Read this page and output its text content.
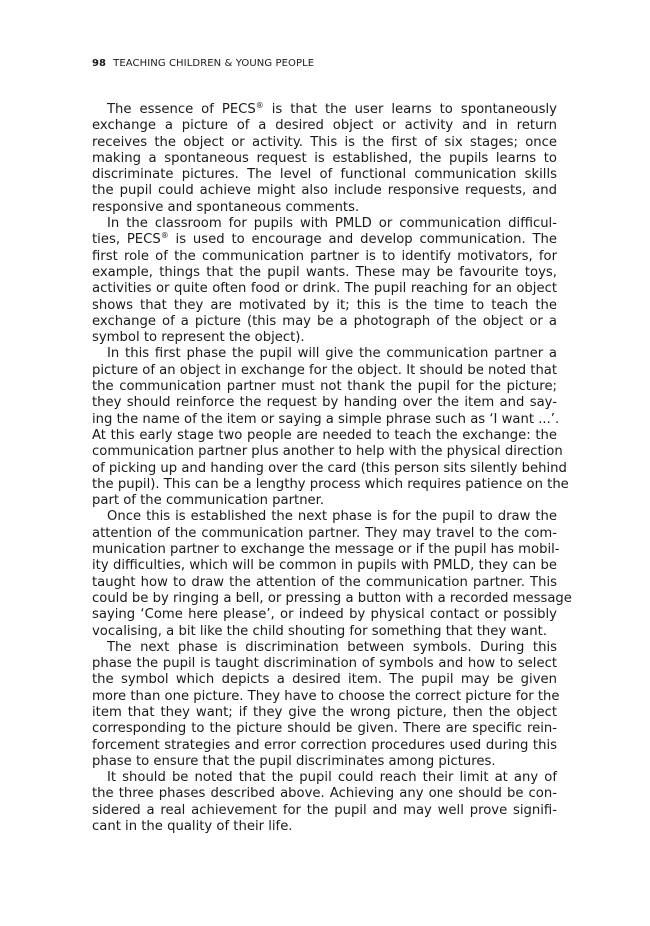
98 TEACHING CHILDREN & YOUNG PEOPLE
The essence of PECS® is that the user learns to spontaneously
exchange a picture of a desired object or activity and in return
receives the object or activity. This is the first of six stages; once
making a spontaneous request is established, the pupils learns to
discriminate pictures. The level of functional communication skills
the pupil could achieve might also include responsive requests, and
responsive and spontaneous comments.
In the classroom for pupils with PMLD or communication difficul-
ties, PECS® is used to encourage and develop communication. The
first role of the communication partner is to identify motivators, for
example, things that the pupil wants. These may be favourite toys,
activities or quite often food or drink. The pupil reaching for an object
shows that they are motivated by it; this is the time to teach the
exchange of a picture (this may be a photograph of the object or a
symbol to represent the object).
In this first phase the pupil will give the communication partner a
picture of an object in exchange for the object. It should be noted that
the communication partner must not thank the pupil for the picture;
they should reinforce the request by handing over the item and say-
ing the name of the item or saying a simple phrase such as ‘I want ...’.
At this early stage two people are needed to teach the exchange: the
communication partner plus another to help with the physical direction
of picking up and handing over the card (this person sits silently behind
the pupil). This can be a lengthy process which requires patience on the
part of the communication partner.
Once this is established the next phase is for the pupil to draw the
attention of the communication partner. They may travel to the com-
munication partner to exchange the message or if the pupil has mobil-
ity difficulties, which will be common in pupils with PMLD, they can be
taught how to draw the attention of the communication partner. This
could be by ringing a bell, or pressing a button with a recorded message
saying ‘Come here please’, or indeed by physical contact or possibly
vocalising, a bit like the child shouting for something that they want.
The next phase is discrimination between symbols. During this
phase the pupil is taught discrimination of symbols and how to select
the symbol which depicts a desired item. The pupil may be given
more than one picture. They have to choose the correct picture for the
item that they want; if they give the wrong picture, then the object
corresponding to the picture should be given. There are specific rein-
forcement strategies and error correction procedures used during this
phase to ensure that the pupil discriminates among pictures.
It should be noted that the pupil could reach their limit at any of
the three phases described above. Achieving any one should be con-
sidered a real achievement for the pupil and may well prove signifi-
cant in the quality of their life.
